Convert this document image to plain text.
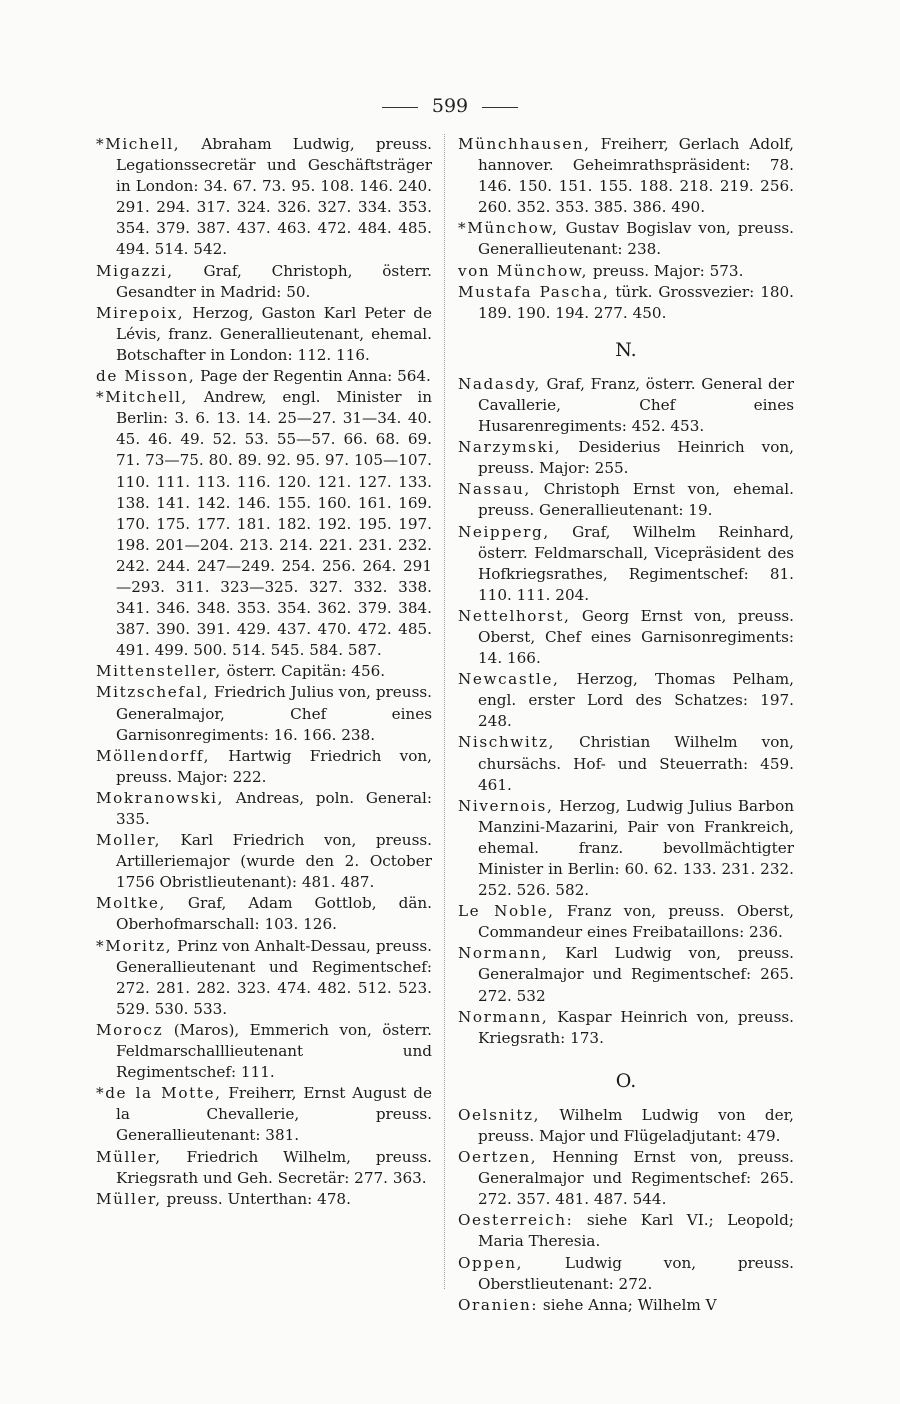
599

*Michell, Abraham Ludwig, preuss. Legationssecretär und Geschäftsträger in London: 34. 67. 73. 95. 108. 146. 240. 291. 294. 317. 324. 326. 327. 334. 353. 354. 379. 387. 437. 463. 472. 484. 485. 494. 514. 542.

Migazzi, Graf, Christoph, österr. Gesandter in Madrid: 50.

Mirepoix, Herzog, Gaston Karl Peter de Lévis, franz. Generallieutenant, ehemal. Botschafter in London: 112. 116.

de Misson, Page der Regentin Anna: 564.

*Mitchell, Andrew, engl. Minister in Berlin: 3. 6. 13. 14. 25—27. 31—34. 40. 45. 46. 49. 52. 53. 55—57. 66. 68. 69. 71. 73—75. 80. 89. 92. 95. 97. 105—107. 110. 111. 113. 116. 120. 121. 127. 133. 138. 141. 142. 146. 155. 160. 161. 169. 170. 175. 177. 181. 182. 192. 195. 197. 198. 201—204. 213. 214. 221. 231. 232. 242. 244. 247—249. 254. 256. 264. 291—293. 311. 323—325. 327. 332. 338. 341. 346. 348. 353. 354. 362. 379. 384. 387. 390. 391. 429. 437. 470. 472. 485. 491. 499. 500. 514. 545. 584. 587.

Mittensteller, österr. Capitän: 456.

Mitzschefal, Friedrich Julius von, preuss. Generalmajor, Chef eines Garnisonregiments: 16. 166. 238.

Möllendorff, Hartwig Friedrich von, preuss. Major: 222.

Mokranowski, Andreas, poln. General: 335.

Moller, Karl Friedrich von, preuss. Artilleriemajor (wurde den 2. October 1756 Obristlieutenant): 481. 487.

Moltke, Graf, Adam Gottlob, dän. Oberhofmarschall: 103. 126.

*Moritz, Prinz von Anhalt-Dessau, preuss. Generallieutenant und Regimentschef: 272. 281. 282. 323. 474. 482. 512. 523. 529. 530. 533.

Morocz (Maros), Emmerich von, österr. Feldmarschalllieutenant und Regimentschef: 111.

*de la Motte, Freiherr, Ernst August de la Chevallerie, preuss. Generallieutenant: 381.

Müller, Friedrich Wilhelm, preuss. Kriegsrath und Geh. Secretär: 277. 363.

Müller, preuss. Unterthan: 478.

Münchhausen, Freiherr, Gerlach Adolf, hannover. Geheimrathspräsident: 78. 146. 150. 151. 155. 188. 218. 219. 256. 260. 352. 353. 385. 386. 490.

*Münchow, Gustav Bogislav von, preuss. Generallieutenant: 238.

von Münchow, preuss. Major: 573.

Mustafa Pascha, türk. Grossvezier: 180. 189. 190. 194. 277. 450.

N.

Nadasdy, Graf, Franz, österr. General der Cavallerie, Chef eines Husarenregiments: 452. 453.

Narzymski, Desiderius Heinrich von, preuss. Major: 255.

Nassau, Christoph Ernst von, ehemal. preuss. Generallieutenant: 19.

Neipperg, Graf, Wilhelm Reinhard, österr. Feldmarschall, Vicepräsident des Hofkriegsrathes, Regimentschef: 81. 110. 111. 204.

Nettelhorst, Georg Ernst von, preuss. Oberst, Chef eines Garnisonregiments: 14. 166.

Newcastle, Herzog, Thomas Pelham, engl. erster Lord des Schatzes: 197. 248.

Nischwitz, Christian Wilhelm von, chursächs. Hof- und Steuerrath: 459. 461.

Nivernois, Herzog, Ludwig Julius Barbon Manzini-Mazarini, Pair von Frankreich, ehemal. franz. bevollmächtigter Minister in Berlin: 60. 62. 133. 231. 232. 252. 526. 582.

Le Noble, Franz von, preuss. Oberst, Commandeur eines Freibataillons: 236.

Normann, Karl Ludwig von, preuss. Generalmajor und Regimentschef: 265. 272. 532

Normann, Kaspar Heinrich von, preuss. Kriegsrath: 173.

O.

Oelsnitz, Wilhelm Ludwig von der, preuss. Major und Flügeladjutant: 479.

Oertzen, Henning Ernst von, preuss. Generalmajor und Regimentschef: 265. 272. 357. 481. 487. 544.

Oesterreich: siehe Karl VI.; Leopold; Maria Theresia.

Oppen, Ludwig von, preuss. Oberstlieutenant: 272.

Oranien: siehe Anna; Wilhelm V
